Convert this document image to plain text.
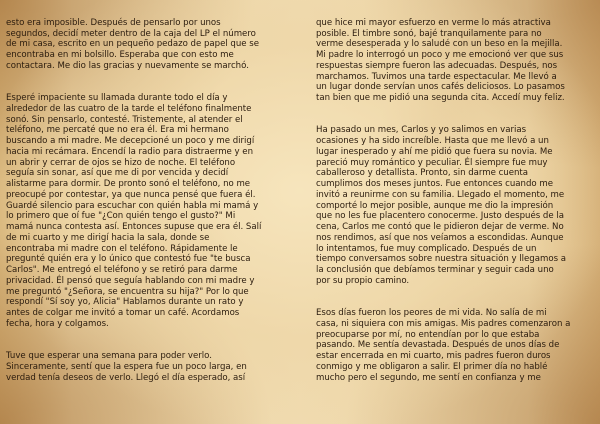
esto era imposible. Después de pensarlo por unos
segundos, decidí meter dentro de la caja del LP el número
de mi casa, escrito en un pequeño pedazo de papel que se
encontraba en mi bolsillo. Esperaba que con esto me
contactara. Me dio las gracias y nuevamente se marchó.

Esperé impaciente su llamada durante todo el día y
alrededor de las cuatro de la tarde el teléfono finalmente
sonó. Sin pensarlo, contesté. Tristemente, al atender el
teléfono, me percaté que no era él. Era mi hermano
buscando a mi madre. Me decepcioné un poco y me dirigí
hacia mi recámara. Encendí la radio para distraerme y en
un abrir y cerrar de ojos se hizo de noche. El teléfono
seguía sin sonar, así que me di por vencida y decidí
alistarme para dormir. De pronto sonó el teléfono, no me
preocupé por contestar, ya que nunca pensé que fuera él.
Guardé silencio para escuchar con quién habla mi mamá y
lo primero que oí fue "¿Con quién tengo el gusto?" Mi
mamá nunca contesta así. Entonces supuse que era él. Salí
de mi cuarto y me dirigí hacia la sala, donde se
encontraba mi madre con el teléfono. Rápidamente le
pregunté quién era y lo único que contestó fue "te busca
Carlos". Me entregó el teléfono y se retiró para darme
privacidad. Él pensó que seguía hablando con mi madre y
me preguntó "¿Señora, se encuentra su hija?" Por lo que
respondí "Sí soy yo, Alicia" Hablamos durante un rato y
antes de colgar me invitó a tomar un café. Acordamos
fecha, hora y colgamos.

Tuve que esperar una semana para poder verlo.
Sinceramente, sentí que la espera fue un poco larga, en
verdad tenía deseos de verlo. Llegó el día esperado, así

que hice mi mayor esfuerzo en verme lo más atractiva
posible. El timbre sonó, bajé tranquilamente para no
verme desesperada y lo saludé con un beso en la mejilla.
Mi padre lo interrogó un poco y me emocionó ver que sus
respuestas siempre fueron las adecuadas. Después, nos
marchamos. Tuvimos una tarde espectacular. Me llevó a
un lugar donde servían unos cafés deliciosos. Lo pasamos
tan bien que me pidió una segunda cita. Accedí muy feliz.

Ha pasado un mes, Carlos y yo salimos en varias
ocasiones y ha sido increíble. Hasta que me llevó a un
lugar inesperado y ahí me pidió que fuera su novia. Me
pareció muy romántico y peculiar. Él siempre fue muy
caballeroso y detallista. Pronto, sin darme cuenta
cumplimos dos meses juntos. Fue entonces cuando me
invitó a reunirme con su familia. Llegado el momento, me
comporté lo mejor posible, aunque me dio la impresión
que no les fue placentero conocerme. Justo después de la
cena, Carlos me contó que le pidieron dejar de verme. No
nos rendimos, así que nos veíamos a escondidas. Aunque
lo intentamos, fue muy complicado. Después de un
tiempo conversamos sobre nuestra situación y llegamos a
la conclusión que debíamos terminar y seguir cada uno
por su propio camino.

Esos días fueron los peores de mi vida. No salía de mi
casa, ni siquiera con mis amigas. Mis padres comenzaron a
preocuparse por mí, no entendían por lo que estaba
pasando. Me sentía devastada. Después de unos días de
estar encerrada en mi cuarto, mis padres fueron duros
conmigo y me obligaron a salir. El primer día no hablé
mucho pero el segundo, me sentí en confianza y me
